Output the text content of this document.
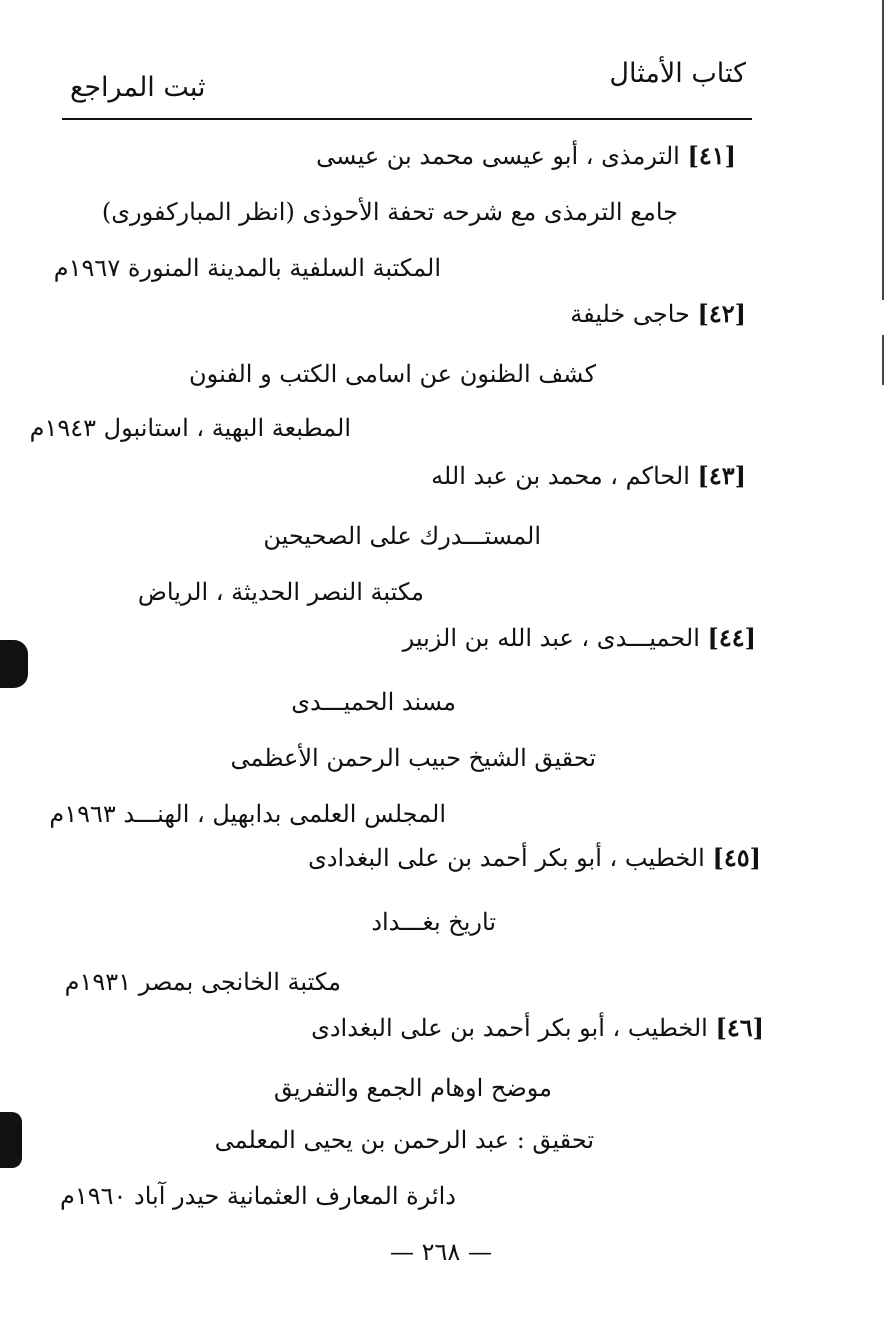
كتاب الأمثال
ثبت المراجع
[٤١] الترمذى ، أبو عيسى محمد بن عيسى
جامع الترمذى مع شرحه تحفة الأحوذى (انظر المباركفورى)
المكتبة السلفية بالمدينة المنورة ١٩٦٧م
[٤٢] حاجى خليفة
كشف الظنون عن اسامى الكتب و الفنون
المطبعة البهية ، استانبول ١٩٤٣م
[٤٣] الحاكم ، محمد بن عبد الله
المستـــدرك على الصحيحين
مكتبة النصر الحديثة ، الرياض
[٤٤] الحميـــدى ، عبد الله بن الزبير
مسند الحميـــدى
تحقيق الشيخ حبيب الرحمن الأعظمى
المجلس العلمى بدابهيل ، الهنـــد ١٩٦٣م
[٤٥] الخطيب ، أبو بكر أحمد بن على البغدادى
تاريخ بغـــداد
مكتبة الخانجى بمصر ١٩٣١م
[٤٦] الخطيب ، أبو بكر أحمد بن على البغدادى
موضح اوهام الجمع والتفريق
تحقيق : عبد الرحمن بن يحيى المعلمى
دائرة المعارف العثمانية حيدر آباد ١٩٦٠م
— ٢٦٨ —
